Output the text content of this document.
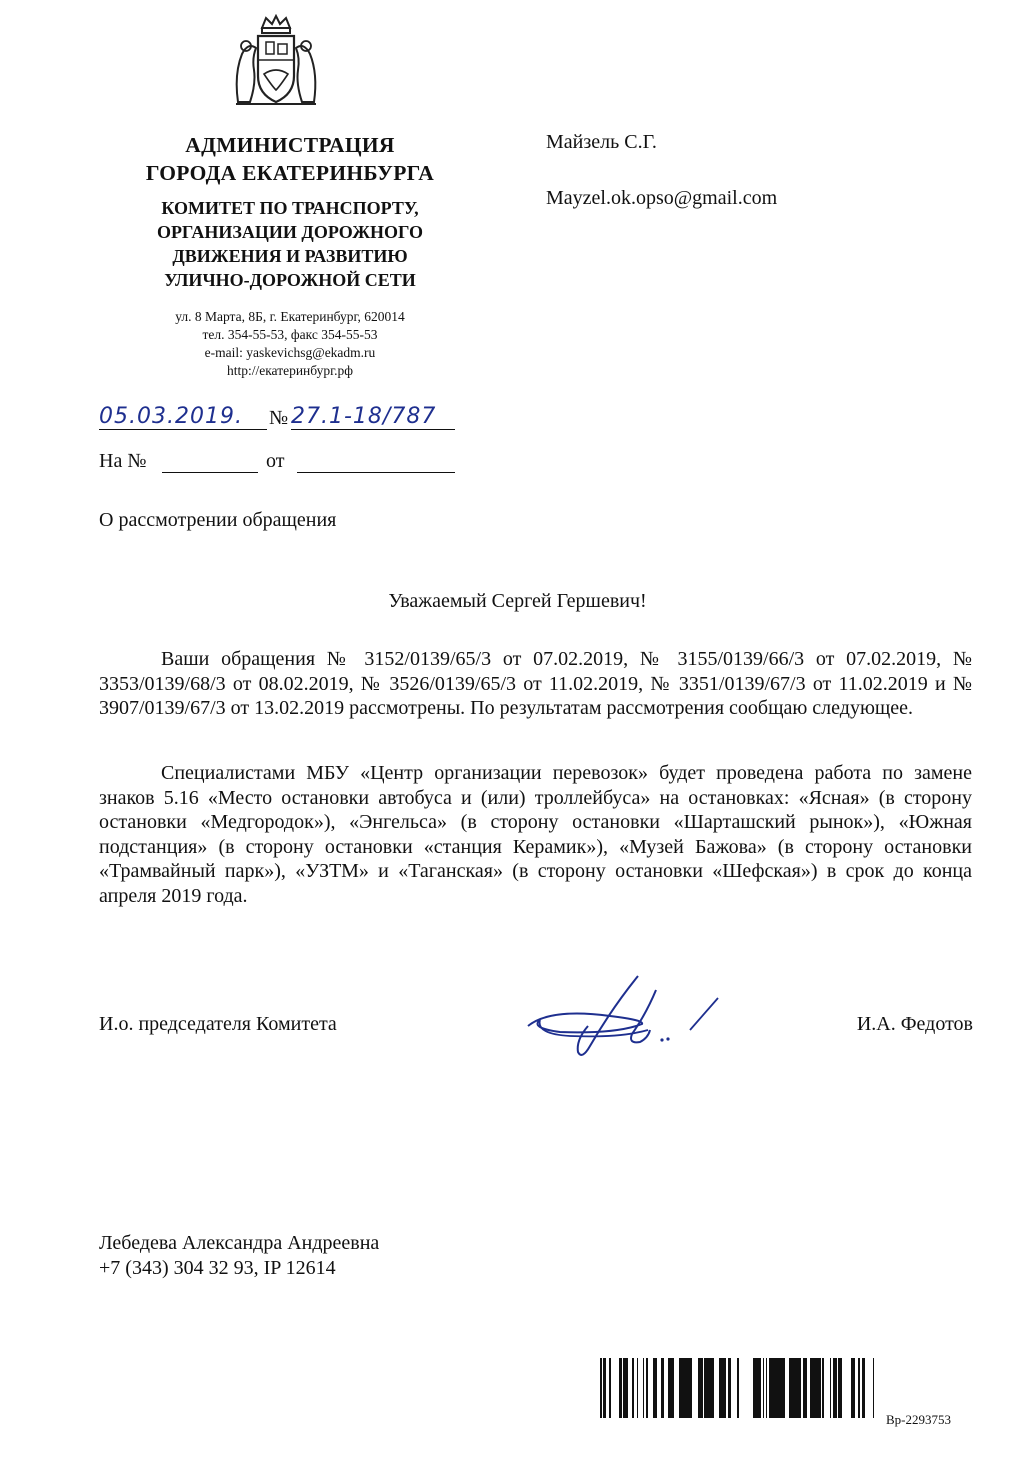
АДМИНИСТРАЦИЯ
ГОРОДА ЕКАТЕРИНБУРГА
КОМИТЕТ ПО ТРАНСПОРТУ,
ОРГАНИЗАЦИИ ДОРОЖНОГО
ДВИЖЕНИЯ И РАЗВИТИЮ
УЛИЧНО-ДОРОЖНОЙ СЕТИ
ул. 8 Марта, 8Б, г. Екатеринбург, 620014
тел. 354-55-53, факс 354-55-53
e-mail: yaskevichsg@ekadm.ru
http://екатеринбург.рф
Майзель С.Г.
Mayzel.ok.opso@gmail.com
05.03.2019.	№ 27.1-18/787
На №	от
О рассмотрении обращения
Уважаемый Сергей Гершевич!
Ваши обращения № 3152/0139/65/3 от 07.02.2019, № 3155/0139/66/3 от 07.02.2019, № 3353/0139/68/3 от 08.02.2019, № 3526/0139/65/3 от 11.02.2019, № 3351/0139/67/3 от 11.02.2019 и № 3907/0139/67/3 от 13.02.2019 рассмотрены. По результатам рассмотрения сообщаю следующее.
Специалистами МБУ «Центр организации перевозок» будет проведена работа по замене знаков 5.16 «Место остановки автобуса и (или) троллейбуса» на остановках: «Ясная» (в сторону остановки «Медгородок»), «Энгельса» (в сторону остановки «Шарташский рынок»), «Южная подстанция» (в сторону остановки «станция Керамик»), «Музей Бажова» (в сторону остановки «Трамвайный парк»), «УЗТМ» и «Таганская» (в сторону остановки «Шефская») в срок до конца апреля 2019 года.
И.о. председателя Комитета	И.А. Федотов
Лебедева Александра Андреевна
+7 (343) 304 32 93, IP 12614
Вр-2293753
